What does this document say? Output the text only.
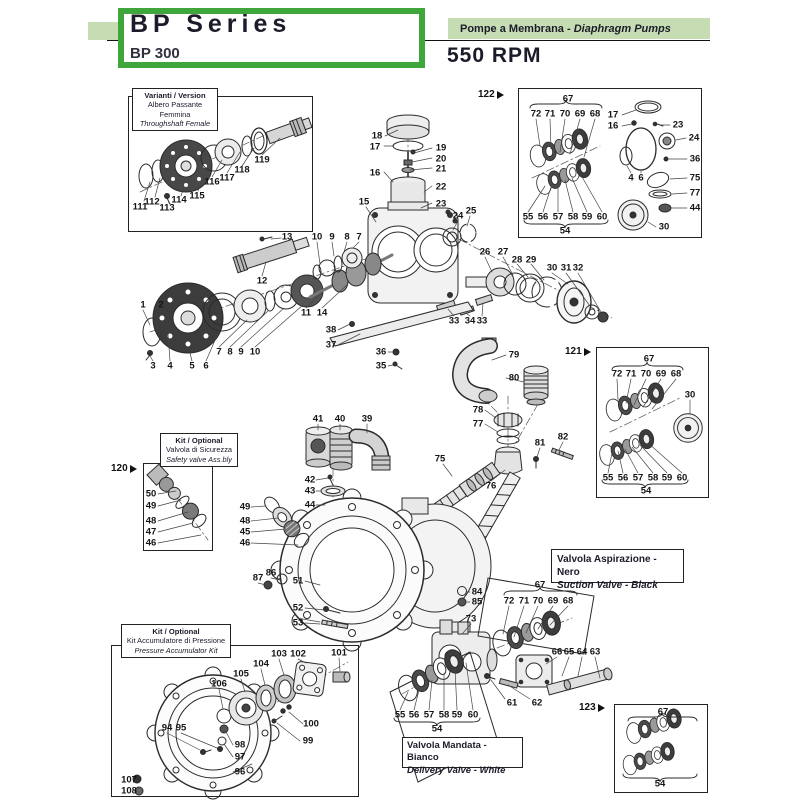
Pompe a Membrana - Diaphragm Pumps
BP Series
BP 300	550 RPM
Varianti / Version
Albero Passante Femmina
Throughshaft Female
122
121
120
Kit / Optional
Valvola di Sicurezza
Safety valve Ass.bly
Kit / Optional
Kit Accumulatore di Pressione
Pressure Accumulator Kit
123
Valvola Aspirazione - Nero
Suction Valve - Black
Valvola Mandata - Bianco
Delivery Valve - White
1 2
3 4 5 6
7 8 9 10
10 9 8 7
11 14
12
13
15
16
17
18
19
20
21
22
23
24 25
26 27
28 29
30 31 32
33 34 33
38
37
36
35
39
40
41
42
43
44
49
48
45
46
51
52
53
86
87
84
85
73
79
80
78
77
75
76
81
82
67
72 71 70 69 68
66 65 64 63
61 62
55 56 57 58 59 60
54
111
112
113
114 115
116 117
118
119
67
72 71 70 69 68 17
16	23
24
36
4 6	75
77
44
30
55 56 57 58 59 60
54
67
72 71 70 69 68
30
55 56 57 58 59 60
54
50
49
48
47
46
94 95
103 102	101
104
105
106
100
99
98
97
96
107
108
67
54
